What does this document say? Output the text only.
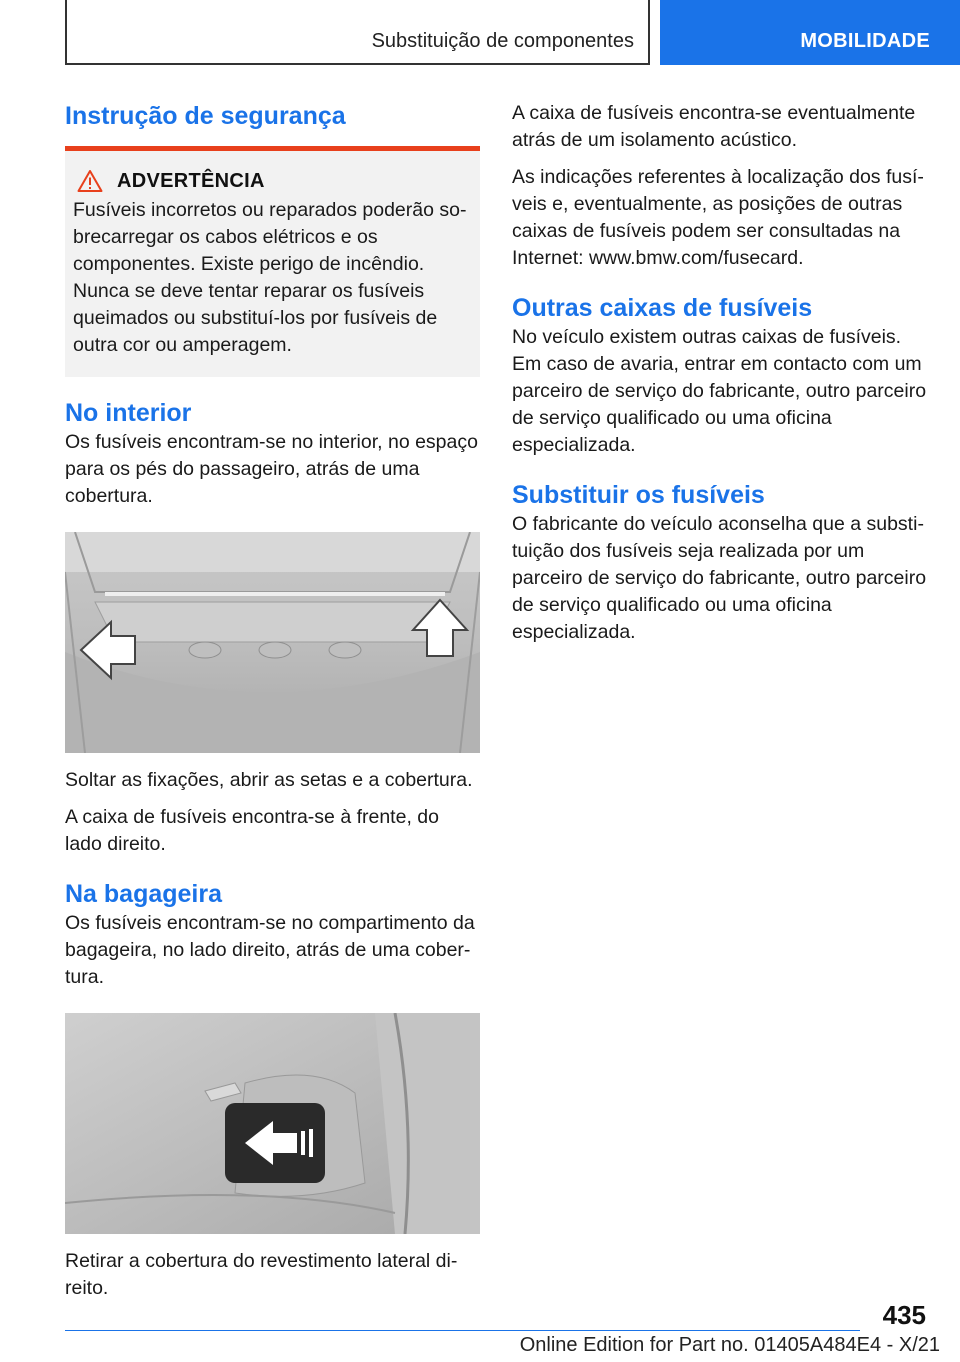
Substituição de componentes	MOBILIDADE
Instrução de segurança
ADVERTÊNCIA

Fusíveis incorretos ou reparados poderão sobrecarregar os cabos elétricos e os componentes. Existe perigo de incêndio. Nunca se deve tentar reparar os fusíveis queimados ou substituí-los por fusíveis de outra cor ou amperagem.

No interior

Os fusíveis encontram-se no interior, no espaço para os pés do passageiro, atrás de uma cobertura.

Soltar as fixações, abrir as setas e a cobertura.

A caixa de fusíveis encontra-se à frente, do lado direito.

Na bagageira

Os fusíveis encontram-se no compartimento da bagageira, no lado direito, atrás de uma cobertura.

Retirar a cobertura do revestimento lateral direito.

A caixa de fusíveis encontra-se eventualmente atrás de um isolamento acústico.

As indicações referentes à localização dos fusíveis e, eventualmente, as posições de outras caixas de fusíveis podem ser consultadas na Internet: www.bmw.com/fusecard.

Outras caixas de fusíveis

No veículo existem outras caixas de fusíveis. Em caso de avaria, entrar em contacto com um parceiro de serviço do fabricante, outro parceiro de serviço qualificado ou uma oficina especializada.

Substituir os fusíveis

O fabricante do veículo aconselha que a substituição dos fusíveis seja realizada por um parceiro de serviço do fabricante, outro parceiro de serviço qualificado ou uma oficina especializada.

435
Online Edition for Part no. 01405A484E4 - X/21
